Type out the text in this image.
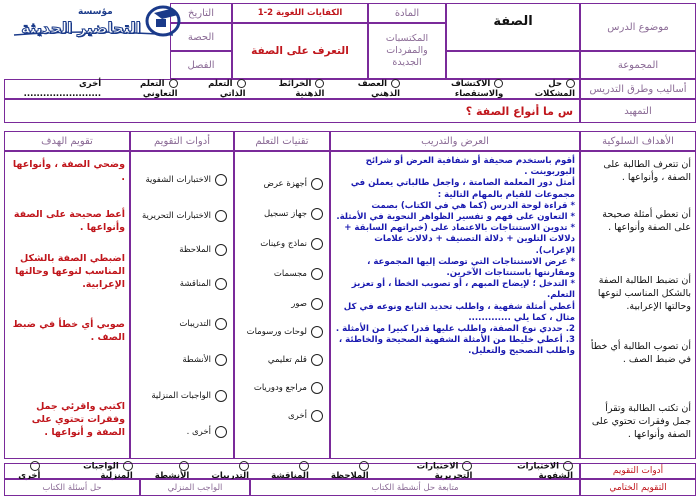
موضوع الدرس
الصفة
المادة
المكتسبات والمفردات الجديدة
الكفايات اللغوية 2-1
التعرف على الصفة
التاريخ
الحصة
الفصل	المجموعة
مؤسسة
التحاضير الحديثة
أساليب وطرق التدريس
حل المشكلات
الاكتشاف والاستقصاء
العصف الذهني
الخرائط الذهنية
التعلم الذاتي
التعلم التعاوني
أخرى ........................
التمهيد
س ما أنواع الصفة ؟
الأهداف السلوكية
العرض والتدريب
تقنيات التعلم
أدوات التقويم
تقويم الهدف
أن تتعرف الطالبة على الصفة ، وأنواعها .
أن تعطي أمثلة صحيحة على الصفة وأنواعها .
أن تضبط الطالبة الصفة بالشكل المناسب لنوعها وحالتها الإعرابية.
أن تصوب الطالبة أي خطأ في ضبط الصف .
أن تكتب الطالبة وتقرأ جمل وفقرات تحتوي على الصفة وأنواعها .
أقوم باستخدم صحيفة أو شفافية العرض أو شرائح البوربوينت .
أمثل دور المعلمة الصامتة ، واجعل طالباتي يعملن في مجموعات للقيام بالمهام التالية :
* قراءة لوحة الدرس (كما هي في الكتاب) بصمت
* التعاون على فهم و تفسير الظواهر النحوية في الأمثلة.
* تدوين الاستنتاجات بالاعتماد على (خبراتهم السابقة + دلالات التلوين + دلالة التصنيف + دلالات علامات الإعراب).
* عرض الاستنتاجات التي توصلت إليها المجموعة ، ومقارنتها باستنتاجات الآخرين.
* التدخل ؛ لإيضاح المبهم ، أو تصويب الخطأ ، أو تعزيز التعلم.
أعطي أمثلة شفهية ، واطلب تحديد التابع ونوعه في كل مثال ، كما يلي .............
2. حددي نوع الصفة، واطلب عليها قدرا كبيرا من الأمثلة .
3. أعطي خليطا من الأمثلة الشفهية الصحيحة والخاطئة ، واطلب التصحيح والتعليل.
أجهزة عرض
جهاز تسجيل
نماذج وعينات
مجسمات
صور
لوحات ورسومات
قلم تعليمي
مراجع ودوريات
أخرى
الاختبارات الشفوية
الاختبارات التحريرية
الملاحظة
المناقشة
التدريبات
الأنشطة
الواجبات المنزلية
أخرى .
وضحي الصفة ، وأنواعها .
أعط صحيحة على الصفة وأنواعها .
اضبطي الصفة بالشكل المناسب لنوعها وحالتها الإعرابية.
صوبي أي خطأ في ضبط الصف .
اكتبي واقرئي جمل وفقرات تحتوي على الصفة و أنواعها .
أدوات التقويم
الاختبارات الشفوية
الاختبارات التحريرية
الملاحظة
المناقشة
التدريبات
الأنشطة
الواجبات المنزلية
أخرى
التقويم الختامي
متابعة حل أنشطة الكتاب
الواجب المنزلي
حل أسئلة الكتاب
